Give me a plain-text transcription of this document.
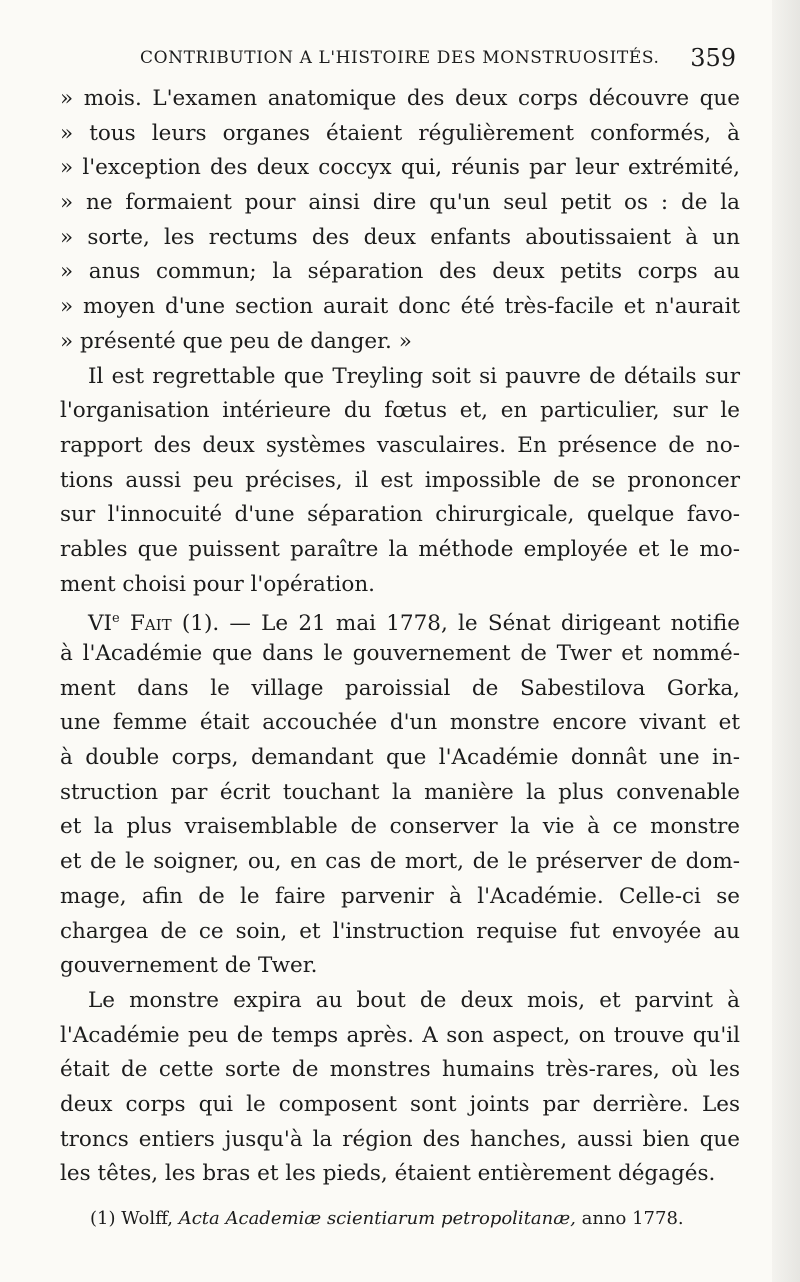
CONTRIBUTION A L'HISTOIRE DES MONSTRUOSITÉS. 359
» mois. L'examen anatomique des deux corps découvre que
» tous leurs organes étaient régulièrement conformés, à
» l'exception des deux coccyx qui, réunis par leur extrémité,
» ne formaient pour ainsi dire qu'un seul petit os : de la
» sorte, les rectums des deux enfants aboutissaient à un
» anus commun; la séparation des deux petits corps au
» moyen d'une section aurait donc été très-facile et n'aurait
» présenté que peu de danger. »
Il est regrettable que Treyling soit si pauvre de détails sur
l'organisation intérieure du fœtus et, en particulier, sur le
rapport des deux systèmes vasculaires. En présence de no-
tions aussi peu précises, il est impossible de se prononcer
sur l'innocuité d'une séparation chirurgicale, quelque favo-
rables que puissent paraître la méthode employée et le mo-
ment choisi pour l'opération.
VIe Fait (1). — Le 21 mai 1778, le Sénat dirigeant notifie
à l'Académie que dans le gouvernement de Twer et nommé-
ment dans le village paroissial de Sabestilova Gorka,
une femme était accouchée d'un monstre encore vivant et
à double corps, demandant que l'Académie donnât une in-
struction par écrit touchant la manière la plus convenable
et la plus vraisemblable de conserver la vie à ce monstre
et de le soigner, ou, en cas de mort, de le préserver de dom-
mage, afin de le faire parvenir à l'Académie. Celle-ci se
chargea de ce soin, et l'instruction requise fut envoyée au
gouvernement de Twer.
Le monstre expira au bout de deux mois, et parvint à
l'Académie peu de temps après. A son aspect, on trouve qu'il
était de cette sorte de monstres humains très-rares, où les
deux corps qui le composent sont joints par derrière. Les
troncs entiers jusqu'à la région des hanches, aussi bien que
les têtes, les bras et les pieds, étaient entièrement dégagés.
(1) Wolff, Acta Academiæ scientiarum petropolitanæ, anno 1778.
